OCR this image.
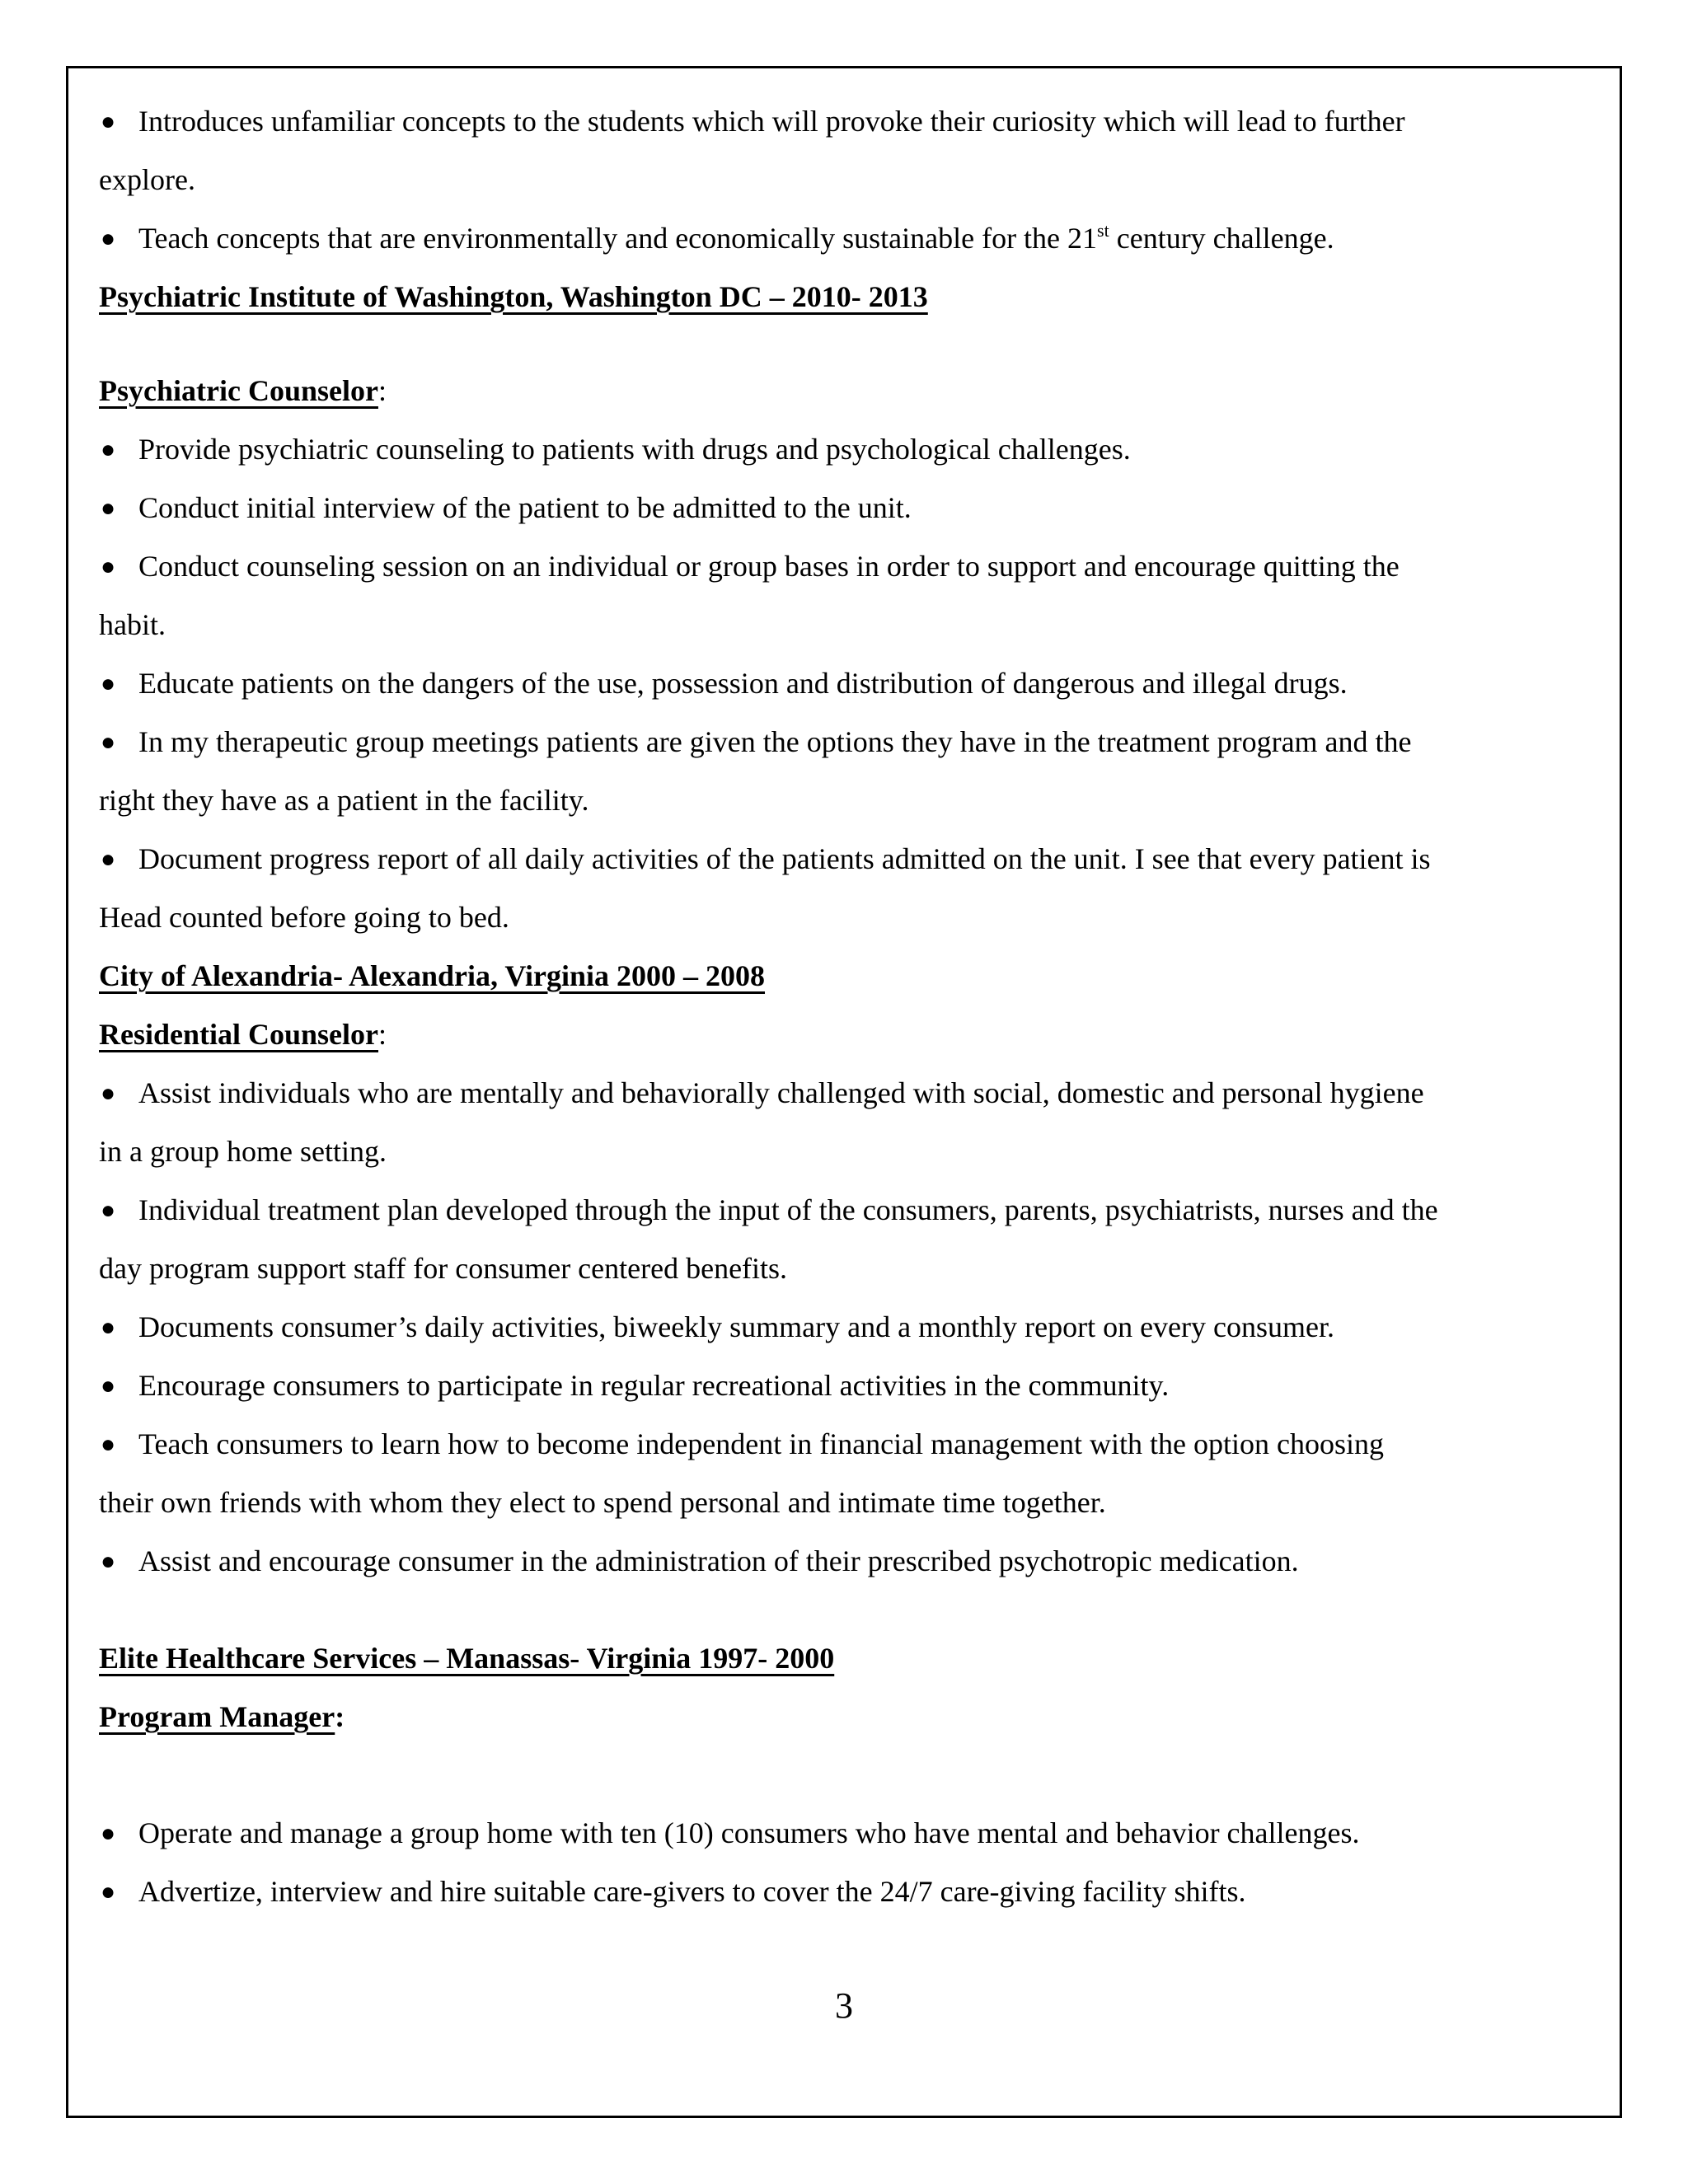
● Introduces unfamiliar concepts to the students which will provoke their curiosity which will lead to further
explore.
● Teach concepts that are environmentally and economically sustainable for the 21st century challenge.
Psychiatric Institute of Washington, Washington DC – 2010- 2013
Psychiatric Counselor:
● Provide psychiatric counseling to patients with drugs and psychological challenges.
● Conduct initial interview of the patient to be admitted to the unit.
● Conduct counseling session on an individual or group bases in order to support and encourage quitting the
habit.
● Educate patients on the dangers of the use, possession and distribution of dangerous and illegal drugs.
● In my therapeutic group meetings patients are given the options they have in the treatment program and the
right they have as a patient in the facility.
● Document progress report of all daily activities of the patients admitted on the unit. I see that every patient is
Head counted before going to bed.
City of Alexandria- Alexandria, Virginia 2000 – 2008
Residential Counselor:
● Assist individuals who are mentally and behaviorally challenged with social, domestic and personal hygiene
in a group home setting.
● Individual treatment plan developed through the input of the consumers, parents, psychiatrists, nurses and the
day program support staff for consumer centered benefits.
● Documents consumer’s daily activities, biweekly summary and a monthly report on every consumer.
● Encourage consumers to participate in regular recreational activities in the community.
● Teach consumers to learn how to become independent in financial management with the option choosing
their own friends with whom they elect to spend personal and intimate time together.
● Assist and encourage consumer in the administration of their prescribed psychotropic medication.
Elite Healthcare Services – Manassas- Virginia 1997- 2000
Program Manager:
● Operate and manage a group home with ten (10) consumers who have mental and behavior challenges.
● Advertize, interview and hire suitable care-givers to cover the 24/7 care-giving facility shifts.
3
